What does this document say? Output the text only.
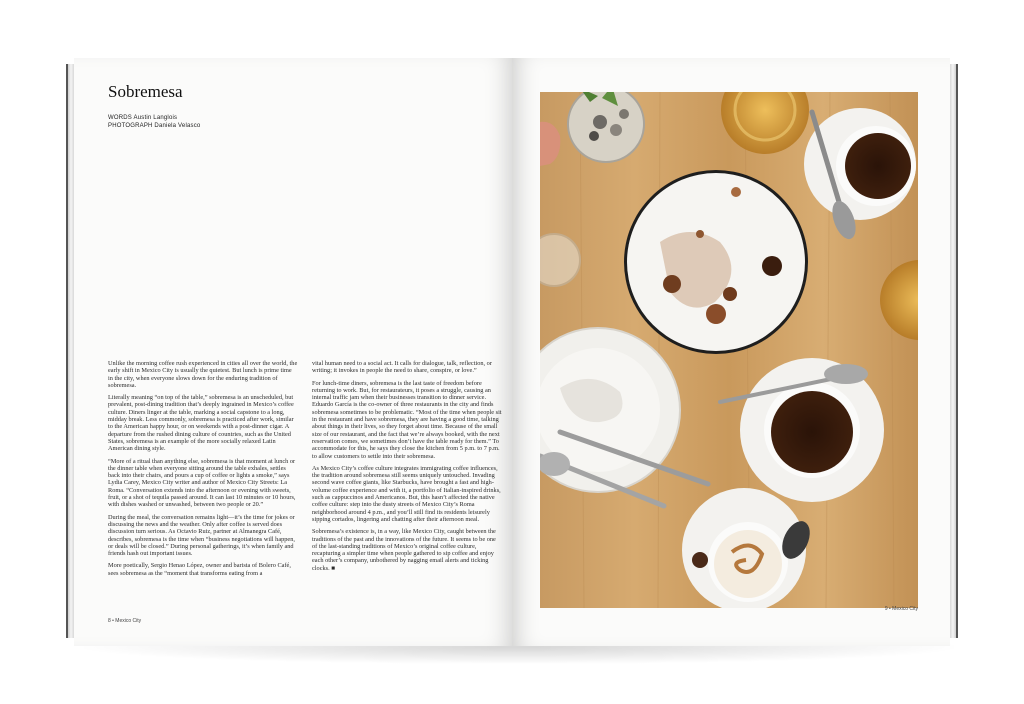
Sobremesa
WORDS Austin Langlois
PHOTOGRAPH Daniela Velasco

Unlike the morning coffee rush experienced in cities all over the world, the early shift in Mexico City is usually the quietest. But lunch is prime time in the city, when everyone slows down for the enduring tradition of sobremesa.

Literally meaning “on top of the table,” sobremesa is an unscheduled, but prevalent, post-dining tradition that’s deeply ingrained in Mexico’s coffee culture. Diners linger at the table, marking a social capstone to a long, midday break. Less commonly, sobremesa is practiced after work, similar to the American happy hour, or on weekends with a post-dinner cigar. A departure from the rushed dining culture of countries, such as the United States, sobremesa is an example of the more socially relaxed Latin American dining style.

“More of a ritual than anything else, sobremesa is that moment at lunch or the dinner table when everyone sitting around the table exhales, settles back into their chairs, and pours a cup of coffee or lights a smoke,” says Lydia Carey, Mexico City writer and author of Mexico City Streets: La Roma. “Conversation extends into the afternoon or evening with sweets, fruit, or a shot of tequila passed around. It can last 10 minutes or 10 hours, with dishes washed or unwashed, between two people or 20.”

During the meal, the conversation remains light—it’s the time for jokes or discussing the news and the weather. Only after coffee is served does discussion turn serious. As Octavio Ruiz, partner at Almanegra Café, describes, sobremesa is the time when “business negotiations will happen, or deals will be closed.” During personal gatherings, it’s when family and friends hash out important issues.

More poetically, Sergio Henao López, owner and barista of Bolero Café, sees sobremesa as the “moment that transforms eating from a

vital human need to a social act. It calls for dialogue, talk, reflection, or writing; it invokes in people the need to share, conspire, or love.”

For lunch-time diners, sobremesa is the last taste of freedom before returning to work. But, for restaurateurs, it poses a struggle, causing an internal traffic jam when their businesses transition to dinner service. Eduardo García is the co-owner of three restaurants in the city and finds sobremesa sometimes to be problematic. “Most of the time when people sit in the restaurant and have sobremesa, they are having a good time, talking about things in their lives, so they forget about time. Because of the small size of our restaurant, and the fact that we’re always booked, with the next reservation comes, we sometimes don’t have the table ready for them.” To accommodate for this, he says they close the kitchen from 5 p.m. to 7 p.m. to allow customers to settle into their sobremesa.

As Mexico City’s coffee culture integrates immigrating coffee influences, the tradition around sobremesa still seems uniquely untouched. Invading second wave coffee giants, like Starbucks, have brought a fast and high-volume coffee experience and with it, a portfolio of Italian-inspired drinks, such as cappuccinos and Americanos. But, this hasn’t affected the native coffee culture: step into the dusty streets of Mexico City’s Roma neighborhood around 4 p.m., and you’ll still find its residents leisurely sipping cortados, lingering and chatting after their afternoon meal.

Sobremesa’s existence is, in a way, like Mexico City, caught between the traditions of the past and the innovations of the future. It seems to be one of the last-standing traditions of Mexico’s original coffee culture, recapturing a simpler time when people gathered to sip coffee and enjoy each other’s company, unbothered by nagging email alerts and ticking clocks. ■

8 • Mexico City
9 • Mexico City
